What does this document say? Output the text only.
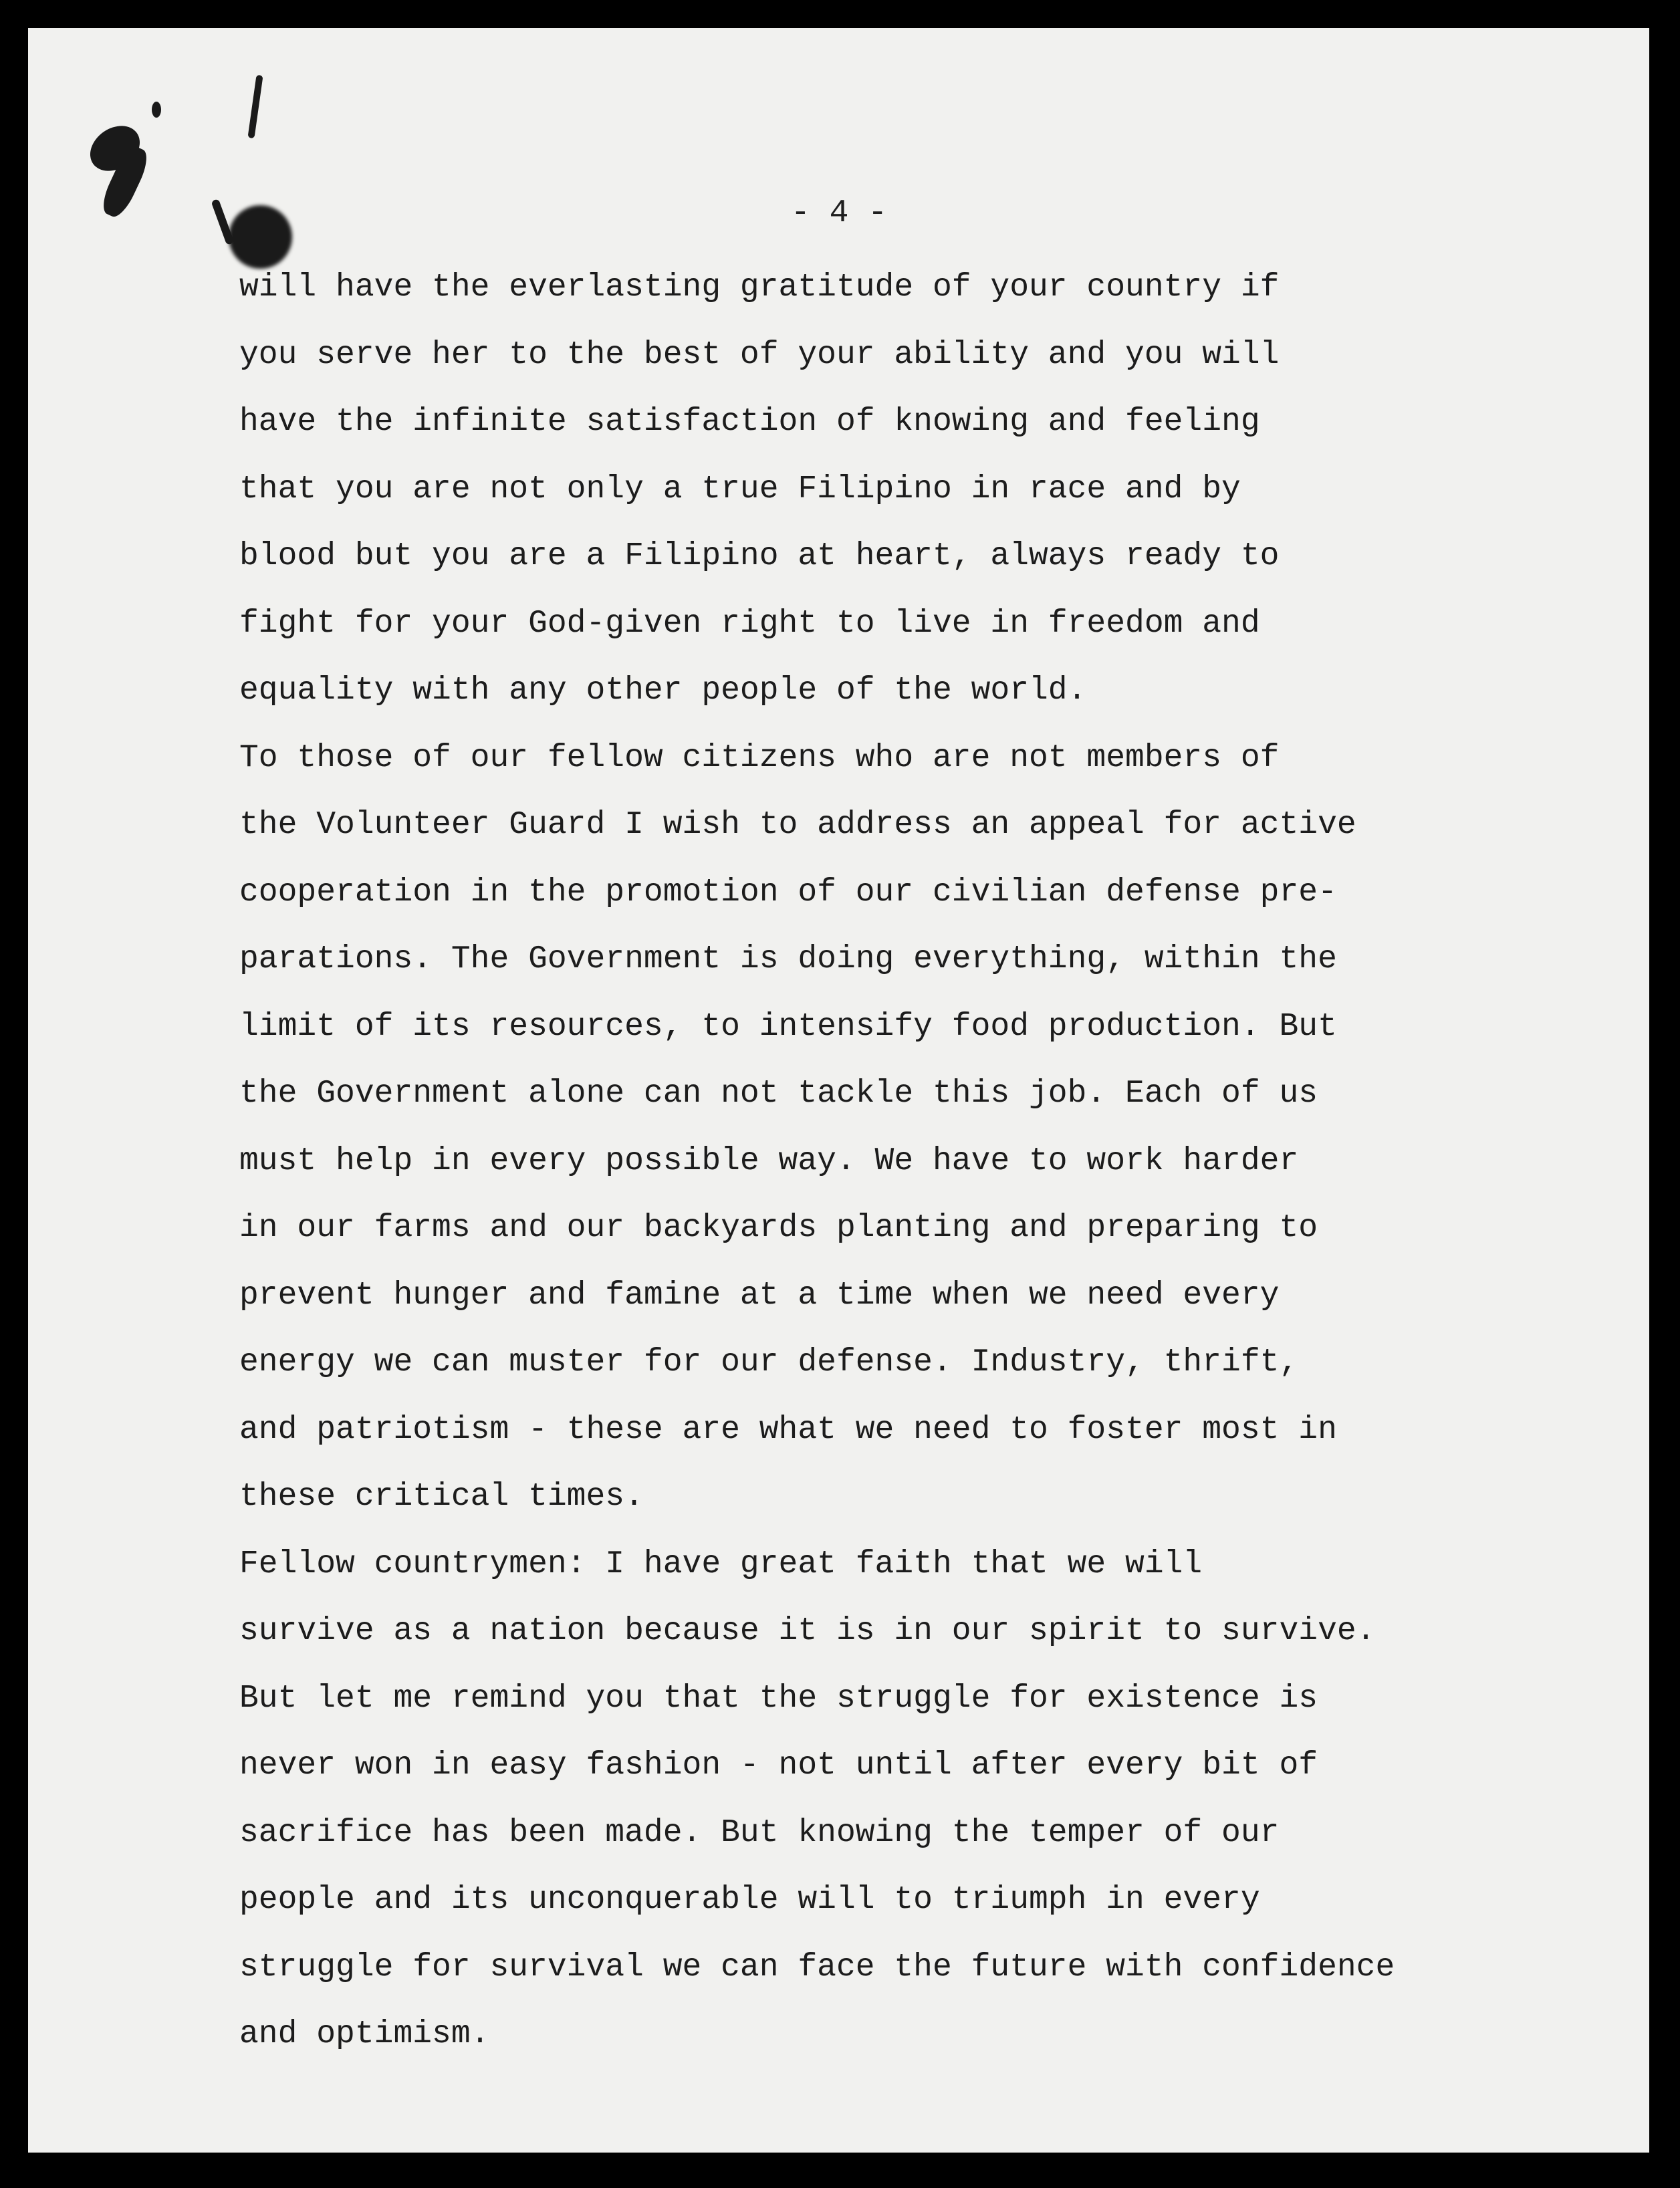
- 4 -

will have the everlasting gratitude of your country if
you serve her to the best of your ability and you will
have the infinite satisfaction of knowing and feeling
that you are not only a true Filipino in race and by
blood but you are a Filipino at heart, always ready to
fight for your God-given right to live in freedom and
equality with any other people of the world.
To those of our fellow citizens who are not members of
the Volunteer Guard I wish to address an appeal for active
cooperation in the promotion of our civilian defense pre-
parations. The Government is doing everything, within the
limit of its resources, to intensify food production. But
the Government alone can not tackle this job. Each of us
must help in every possible way. We have to work harder
in our farms and our backyards planting and preparing to
prevent hunger and famine at a time when we need every
energy we can muster for our defense. Industry, thrift,
and patriotism - these are what we need to foster most in
these critical times.
Fellow countrymen: I have great faith that we will
survive as a nation because it is in our spirit to survive.
But let me remind you that the struggle for existence is
never won in easy fashion - not until after every bit of
sacrifice has been made. But knowing the temper of our
people and its unconquerable will to triumph in every
struggle for survival we can face the future with confidence
and optimism.
